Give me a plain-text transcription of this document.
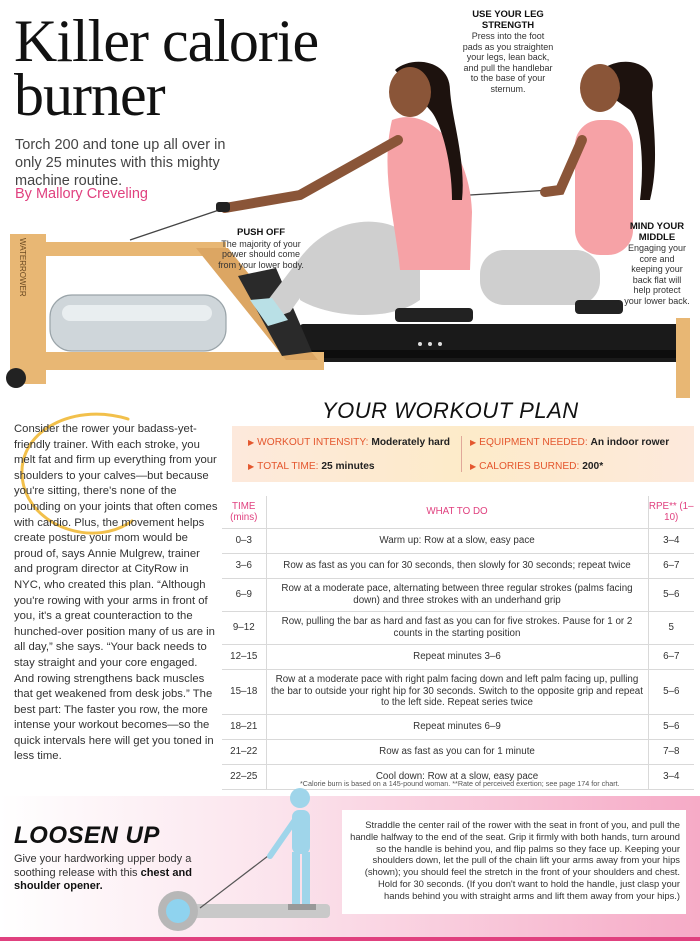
WATERROWER
Killer calorie burner
Torch 200 and tone up all over in only 25 minutes with this mighty machine routine.
By Mallory Creveling
USE YOUR LEG STRENGTH
Press into the foot pads as you straighten your legs, lean back, and pull the handlebar to the base of your sternum.
PUSH OFF
The majority of your power should come from your lower body.
MIND YOUR MIDDLE
Engaging your core and keeping your back flat will help protect your lower back.
Consider the rower your badass-yet-friendly trainer. With each stroke, you melt fat and firm up everything from your shoulders to your calves—but because you're sitting, there's none of the pounding on your joints that often comes with cardio. Plus, the movement helps create posture your mom would be proud of, says Annie Mulgrew, trainer and program director at CityRow in NYC, who created this plan. “Although you're rowing with your arms in front of you, it's a great counteraction to the hunched-over position many of us are in all day,” she says. “Your back needs to stay straight and your core engaged. And rowing strengthens back muscles that get weakened from desk jobs.” The best part: The faster you row, the more intense your workout becomes—so the quick intervals here will get you toned in less time.
YOUR WORKOUT PLAN
▶ WORKOUT INTENSITY: Moderately hard ▶ EQUIPMENT NEEDED: An indoor rower
▶ TOTAL TIME: 25 minutes	▶ CALORIES BURNED: 200*
TIME (mins)	WHAT TO DO	RPE** (1–10)
0–3	Warm up: Row at a slow, easy pace	3–4
3–6	Row as fast as you can for 30 seconds, then slowly for 30 seconds; repeat twice	6–7
6–9	Row at a moderate pace, alternating between three regular strokes (palms facing down) and three strokes with an underhand grip	5–6
9–12	Row, pulling the bar as hard and fast as you can for five strokes. Pause for 1 or 2 counts in the starting position	5
12–15	Repeat minutes 3–6	6–7
15–18	Row at a moderate pace with right palm facing down and left palm facing up, pulling the bar to outside your right hip for 30 seconds. Switch to the opposite grip and repeat to the left side. Repeat series twice	5–6
18–21	Repeat minutes 6–9	5–6
21–22	Row as fast as you can for 1 minute	7–8
22–25	Cool down: Row at a slow, easy pace	3–4
*Calorie burn is based on a 145-pound woman. **Rate of perceived exertion; see page 174 for chart.
LOOSEN UP
Give your hardworking upper body a soothing release with this chest and shoulder opener.
Straddle the center rail of the rower with the seat in front of you, and pull the handle halfway to the end of the seat. Grip it firmly with both hands, turn around so the handle is behind you, and flip palms so they face up. Keeping your shoulders down, let the pull of the chain lift your arms away from your hips (shown); you should feel the stretch in the front of your shoulders and chest. Hold for 30 seconds. (If you don't want to hold the handle, just clasp your hands behind you with straight arms and lift them away from your hips.)
